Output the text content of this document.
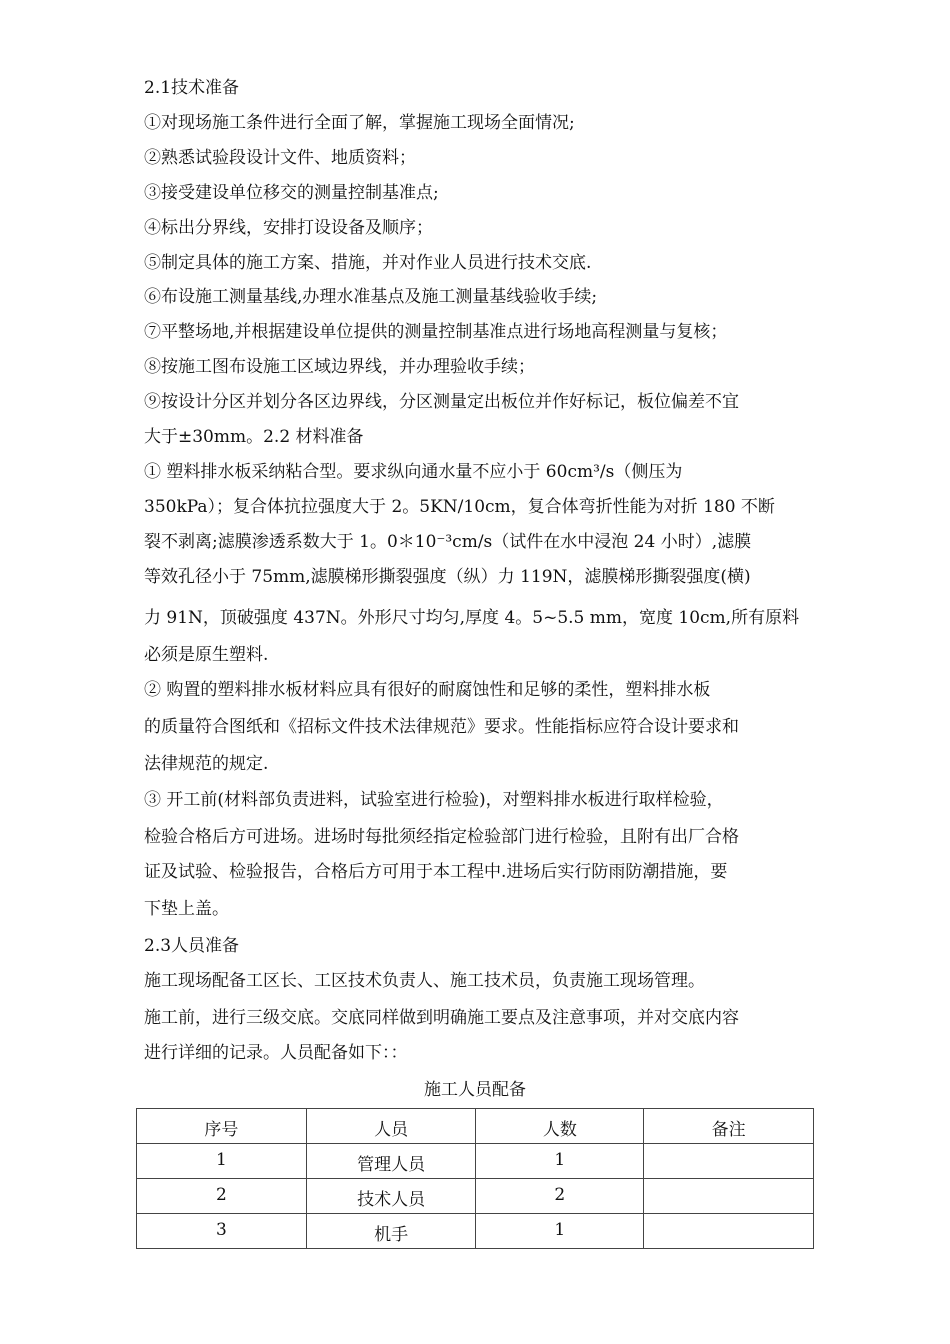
2.1技术准备
①对现场施工条件进行全面了解，掌握施工现场全面情况;
②熟悉试验段设计文件、地质资料；
③接受建设单位移交的测量控制基准点;
④标出分界线，安排打设设备及顺序；
⑤制定具体的施工方案、措施，并对作业人员进行技术交底.
⑥布设施工测量基线,办理水准基点及施工测量基线验收手续;
⑦平整场地,并根据建设单位提供的测量控制基准点进行场地高程测量与复核；
⑧按施工图布设施工区域边界线，并办理验收手续；
⑨按设计分区并划分各区边界线，分区测量定出板位并作好标记，板位偏差不宜
大于±30mm。2.2 材料准备
① 塑料排水板采纳粘合型。要求纵向通水量不应小于 60cm³/s（侧压为
350kPa）；复合体抗拉强度大于 2。5KN/10cm，复合体弯折性能为对折 180 不断
裂不剥离;滤膜渗透系数大于 1。0＊10⁻³cm/s（试件在水中浸泡 24 小时）,滤膜
等效孔径小于 75mm,滤膜梯形撕裂强度（纵）力 119N，滤膜梯形撕裂强度(横)
力 91N，顶破强度 437N。外形尺寸均匀,厚度 4。5~5.5 mm，宽度 10cm,所有原料
必须是原生塑料.
② 购置的塑料排水板材料应具有很好的耐腐蚀性和足够的柔性，塑料排水板
的质量符合图纸和《招标文件技术法律规范》要求。性能指标应符合设计要求和
法律规范的规定.
③ 开工前(材料部负责进料，试验室进行检验)，对塑料排水板进行取样检验，
检验合格后方可进场。进场时每批须经指定检验部门进行检验，且附有出厂合格
证及试验、检验报告，合格后方可用于本工程中.进场后实行防雨防潮措施，要
下垫上盖。
2.3人员准备
施工现场配备工区长、工区技术负责人、施工技术员，负责施工现场管理。
施工前，进行三级交底。交底同样做到明确施工要点及注意事项，并对交底内容
进行详细的记录。人员配备如下：：
施工人员配备
序号	人员	人数	备注
1	管理人员	1	
2	技术人员	2	
3	机手	1	
